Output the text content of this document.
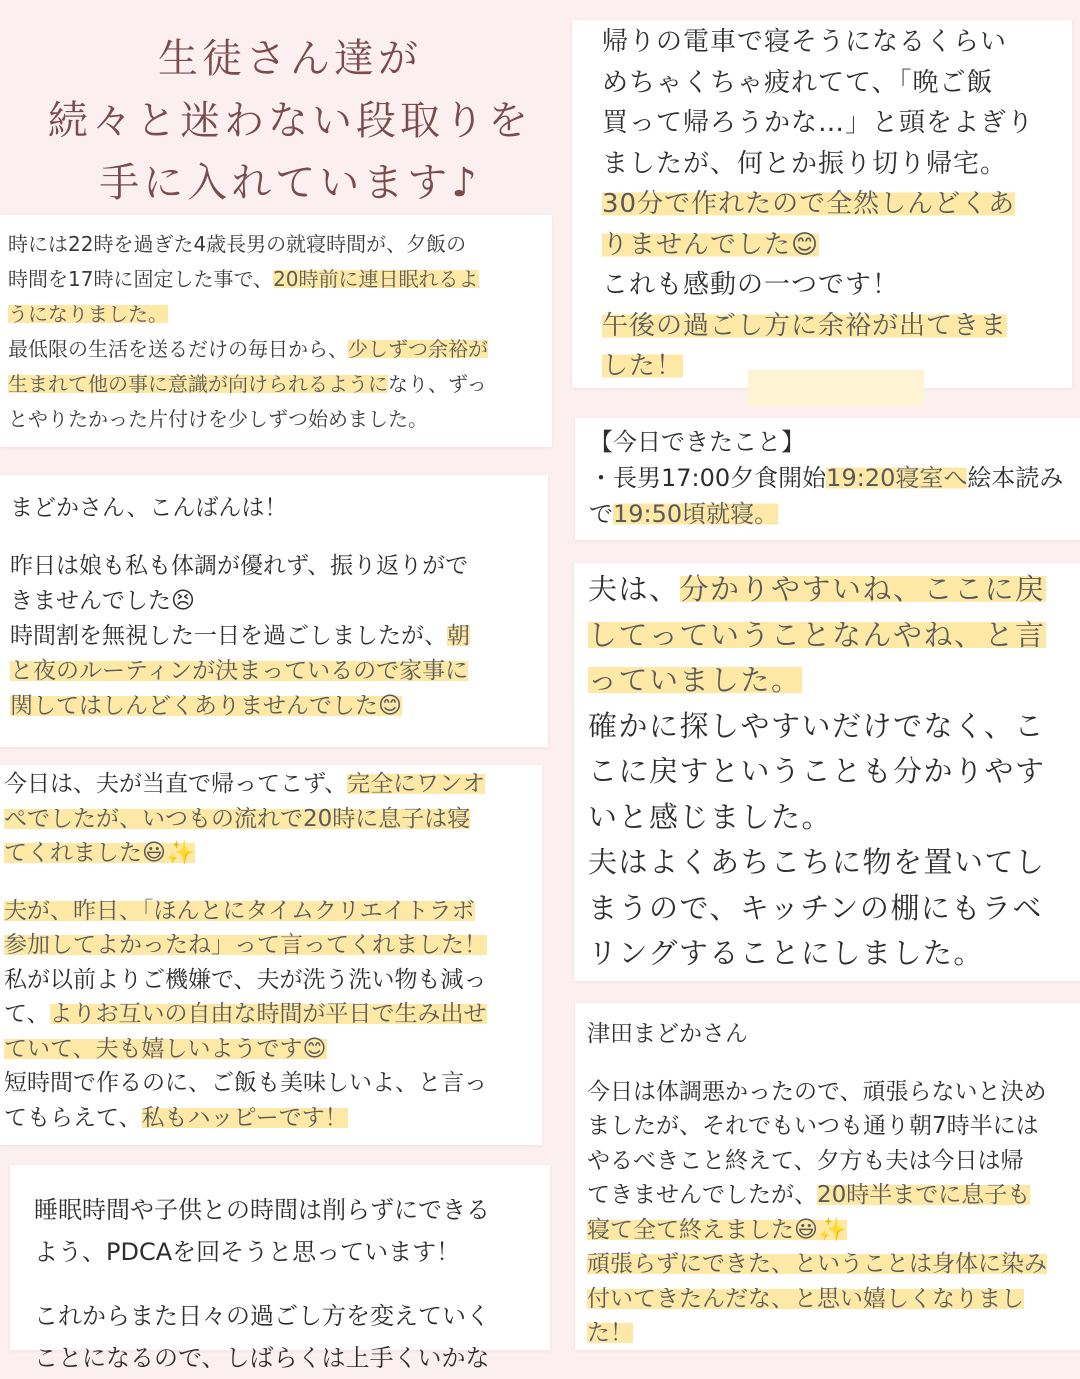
生徒さん達が
続々と迷わない段取りを
手に入れています♪

時には22時を過ぎた4歳長男の就寝時間が、夕飯の

時間を17時に固定した事で、20時前に連日眠れるよ

うになりました。

最低限の生活を送るだけの毎日から、少しずつ余裕が

生まれて他の事に意識が向けられるようになり、ずっ

とやりたかった片付けを少しずつ始めました。

まどかさん、こんばんは！

昨日は娘も私も体調が優れず、振り返りがで

きませんでした😣

時間割を無視した一日を過ごしましたが、朝

と夜のルーティンが決まっているので家事に

関してはしんどくありませんでした😊

今日は、夫が当直で帰ってこず、完全にワンオ

ぺでしたが、いつもの流れで20時に息子は寝

てくれました😃✨

夫が、昨日、「ほんとにタイムクリエイトラボ

参加してよかったね」って言ってくれました！

私が以前よりご機嫌で、夫が洗う洗い物も減っ

て、よりお互いの自由な時間が平日で生み出せ

ていて、夫も嬉しいようです😊

短時間で作るのに、ご飯も美味しいよ、と言っ

てもらえて、私もハッピーです！

睡眠時間や子供との時間は削らずにできる

よう、PDCAを回そうと思っています！

これからまた日々の過ごし方を変えていく

ことになるので、しばらくは上手くいかな

帰りの電車で寝そうになるくらい

めちゃくちゃ疲れてて、「晩ご飯

買って帰ろうかな…」と頭をよぎり

ましたが、何とか振り切り帰宅。

30分で作れたので全然しんどくあ

りませんでした😊

これも感動の一つです！

午後の過ごし方に余裕が出てきま

した！

【今日できたこと】

・長男17:00夕食開始19:20寝室へ絵本読み

で19:50頃就寝。

夫は、分かりやすいね、ここに戻

してっていうことなんやね、と言

っていました。

確かに探しやすいだけでなく、こ

こに戻すということも分かりやす

いと感じました。

夫はよくあちこちに物を置いてし

まうので、キッチンの棚にもラベ

リングすることにしました。

津田まどかさん

今日は体調悪かったので、頑張らないと決め

ましたが、それでもいつも通り朝7時半には

やるべきこと終えて、夕方も夫は今日は帰

てきませんでしたが、20時半までに息子も

寝て全て終えました😃✨

頑張らずにできた、ということは身体に染み

付いてきたんだな、と思い嬉しくなりまし

た！
